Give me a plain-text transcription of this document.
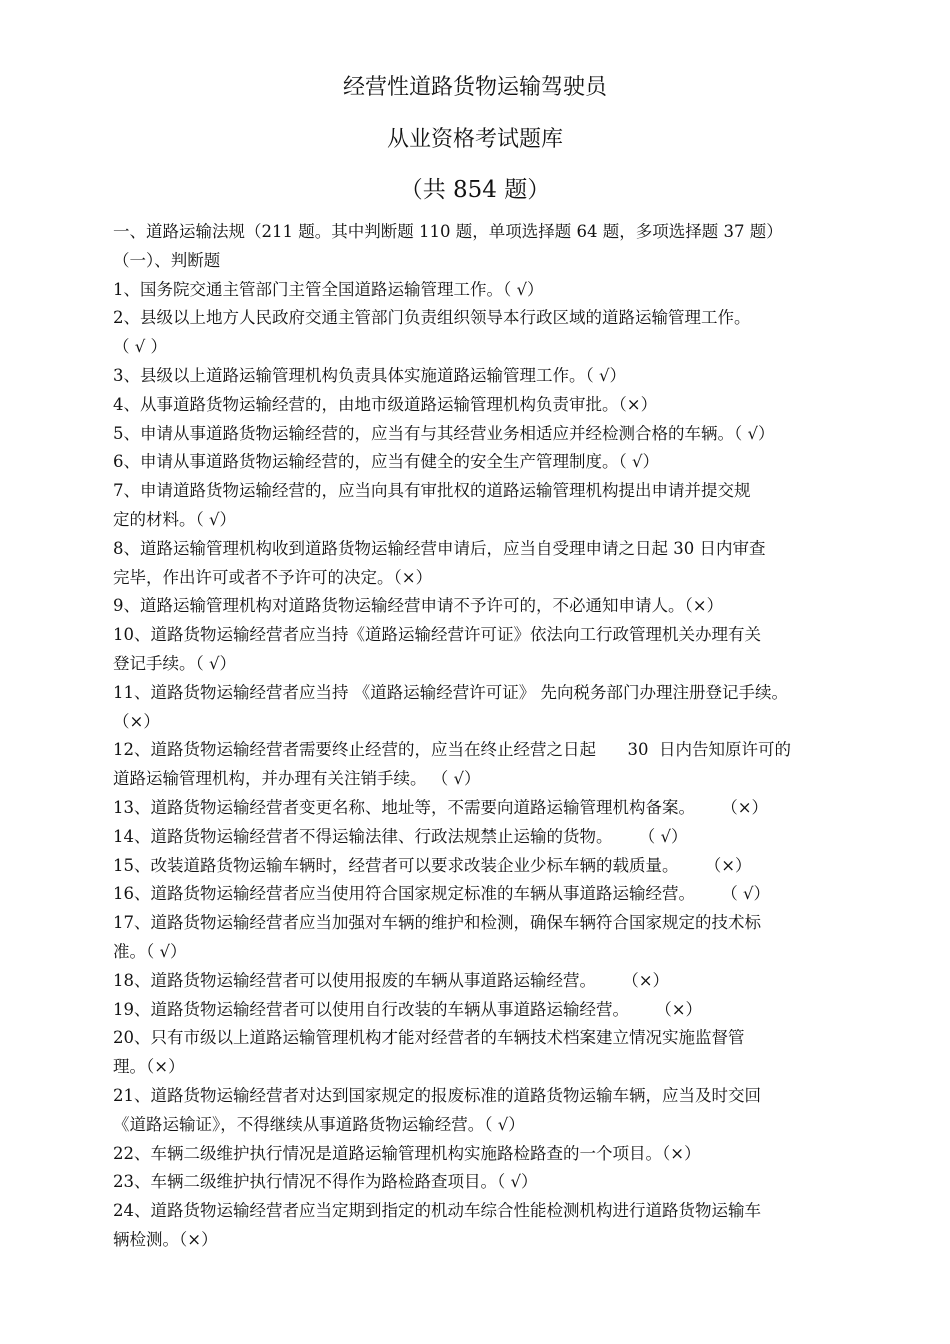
经营性道路货物运输驾驶员
从业资格考试题库
（共 854 题）

一、道路运输法规（211 题。其中判断题 110 题，单项选择题 64 题，多项选择题 37 题）

（一）、判断题

1、国务院交通主管部门主管全国道路运输管理工作。（ √）

2、县级以上地方人民政府交通主管部门负责组织领导本行政区域的道路运输管理工作。

（ √ ）

3、县级以上道路运输管理机构负责具体实施道路运输管理工作。（ √）

4、从事道路货物运输经营的，由地市级道路运输管理机构负责审批。（×）

5、申请从事道路货物运输经营的，应当有与其经营业务相适应并经检测合格的车辆。（ √）

6、申请从事道路货物运输经营的，应当有健全的安全生产管理制度。（ √）

7、申请道路货物运输经营的，应当向具有审批权的道路运输管理机构提出申请并提交规

定的材料。（ √）

8、道路运输管理机构收到道路货物运输经营申请后，应当自受理申请之日起 30 日内审查

完毕，作出许可或者不予许可的决定。（×）

9、道路运输管理机构对道路货物运输经营申请不予许可的，不必通知申请人。（×）

10、道路货物运输经营者应当持《道路运输经营许可证》依法向工行政管理机关办理有关

登记手续。（ √）

11、道路货物运输经营者应当持 《道路运输经营许可证》 先向税务部门办理注册登记手续。

（×）

12、道路货物运输经营者需要终止经营的，应当在终止经营之日起      30  日内告知原许可的

道路运输管理机构，并办理有关注销手续。 （ √）

13、道路货物运输经营者变更名称、地址等，不需要向道路运输管理机构备案。     （×）

14、道路货物运输经营者不得运输法律、行政法规禁止运输的货物。     （ √）

15、改装道路货物运输车辆时，经营者可以要求改装企业少标车辆的载质量。     （×）

16、道路货物运输经营者应当使用符合国家规定标准的车辆从事道路运输经营。     （ √）

17、道路货物运输经营者应当加强对车辆的维护和检测，确保车辆符合国家规定的技术标

准。（ √）

18、道路货物运输经营者可以使用报废的车辆从事道路运输经营。     （×）

19、道路货物运输经营者可以使用自行改装的车辆从事道路运输经营。     （×）

20、只有市级以上道路运输管理机构才能对经营者的车辆技术档案建立情况实施监督管

理。（×）

21、道路货物运输经营者对达到国家规定的报废标准的道路货物运输车辆，应当及时交回

《道路运输证》，不得继续从事道路货物运输经营。（ √）

22、车辆二级维护执行情况是道路运输管理机构实施路检路查的一个项目。（×）

23、车辆二级维护执行情况不得作为路检路查项目。（ √）

24、道路货物运输经营者应当定期到指定的机动车综合性能检测机构进行道路货物运输车

辆检测。（×）
